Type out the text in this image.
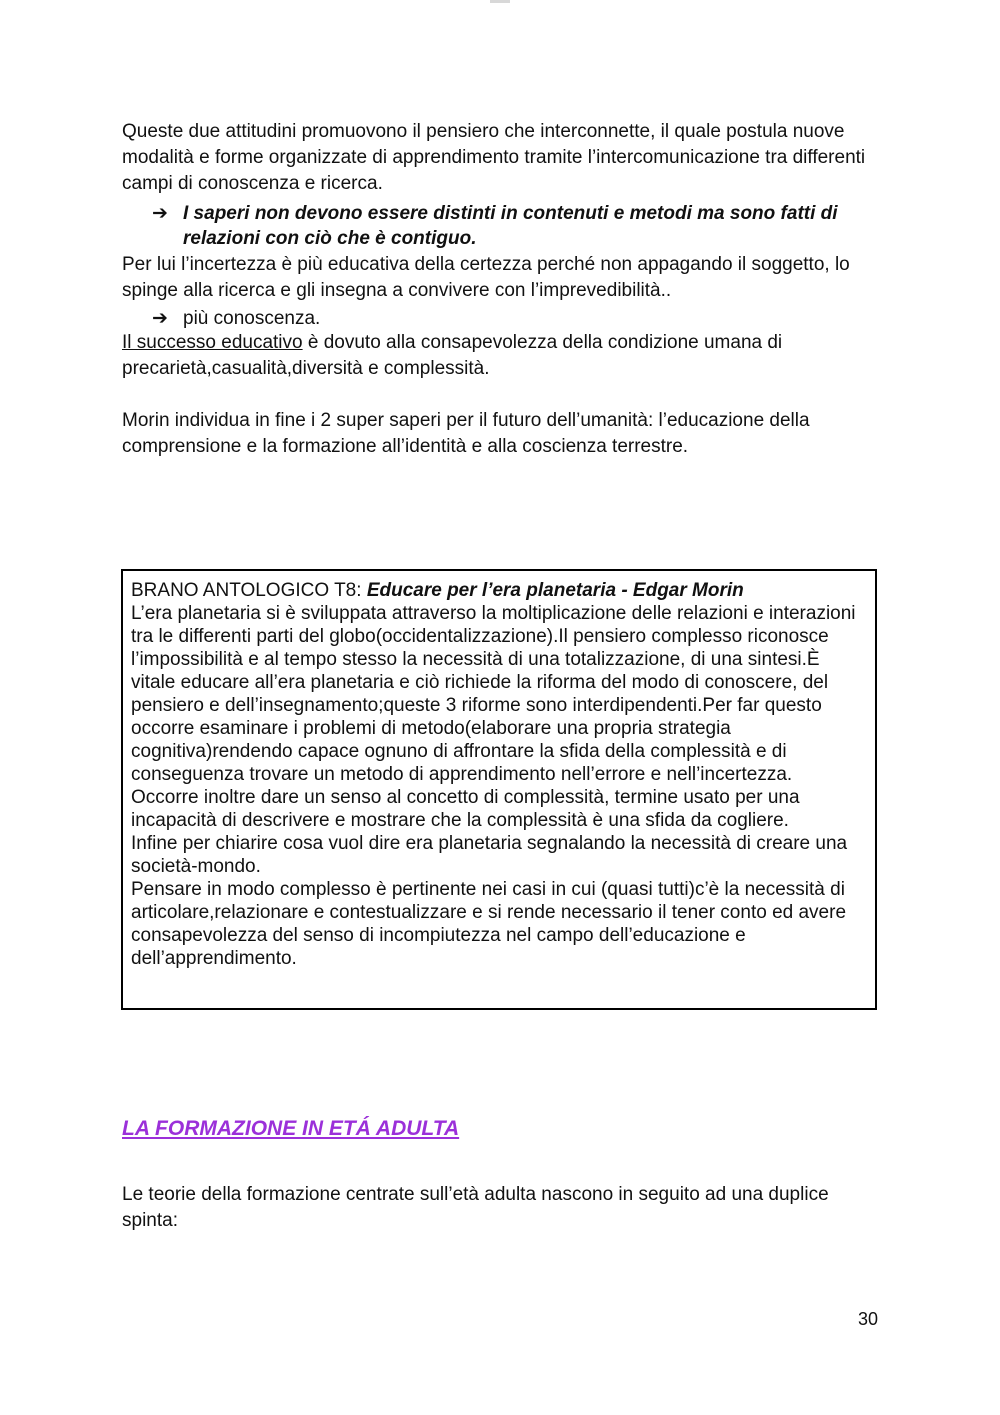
Queste due attitudini promuovono il pensiero che interconnette, il quale postula nuove modalità e forme organizzate di apprendimento tramite l’intercomunicazione tra differenti campi di conoscenza e ricerca.

➔ I saperi non devono essere distinti in contenuti e metodi ma sono fatti di relazioni con ciò che è contiguo.

Per lui l’incertezza è più educativa della certezza perché non appagando il soggetto, lo spinge alla ricerca e gli insegna a convivere con l’imprevedibilità..

➔ più conoscenza.

Il successo educativo è dovuto alla consapevolezza della condizione umana di precarietà,casualità,diversità e complessità.

Morin individua in fine i 2 super saperi per il futuro dell’umanità: l’educazione della comprensione e la formazione all’identità e alla coscienza terrestre.

BRANO ANTOLOGICO T8: Educare per l’era planetaria - Edgar Morin

L’era planetaria si è sviluppata attraverso la moltiplicazione delle relazioni e interazioni tra le differenti parti del globo(occidentalizzazione).Il pensiero complesso riconosce l’impossibilità e al tempo stesso la necessità di una totalizzazione, di una sintesi.È vitale educare all’era planetaria e ciò richiede la riforma del modo di conoscere, del pensiero e dell’insegnamento;queste 3 riforme sono interdipendenti.Per far questo occorre esaminare i problemi di metodo(elaborare una propria strategia cognitiva)rendendo capace ognuno di affrontare la sfida della complessità e di conseguenza trovare un metodo di apprendimento nell’errore e nell’incertezza.

Occorre inoltre dare un senso al concetto di complessità, termine usato per una incapacità di descrivere e mostrare che la complessità è una sfida da cogliere.

Infine per chiarire cosa vuol dire era planetaria segnalando la necessità di creare una società-mondo.

Pensare in modo complesso è pertinente nei casi in cui (quasi tutti)c’è la necessità di articolare,relazionare e contestualizzare e si rende necessario il tener conto ed avere consapevolezza del senso di incompiutezza nel campo dell’educazione e dell’apprendimento.

LA FORMAZIONE IN ETÁ ADULTA

Le teorie della formazione centrate sull’età adulta nascono in seguito ad una duplice spinta:

30
